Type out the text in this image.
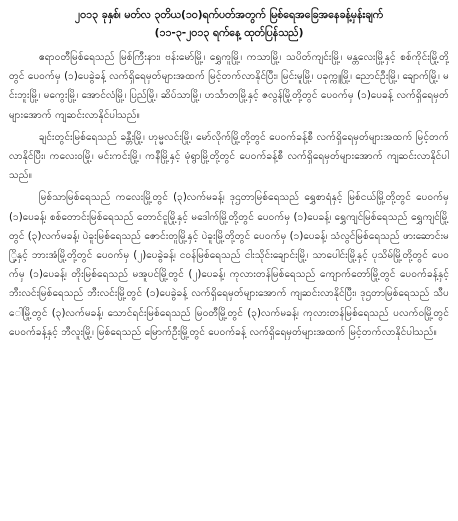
၂၀၁၃ ခုနှစ်၊ မတ်လ ၃တိယ(၁၀)ရက်ပတ်အတွက် မြစ်ရေအခြေအနေခန့်မှန်းချက်

(၁၁-၃-၂၀၁၃ ရက်နေ့ ထုတ်ပြန်သည်)

ဧရာဝတီမြစ်ရေသည် မြစ်ကြီးနား၊ ဗန်းမော်မြို့၊ ရွှေကူမြို့၊ ကသာမြို့၊ သပိတ်ကျင်းမြို့၊ မန္တလေးမြို့နှင့် စစ်ကိုင်းမြို့တို့တွင် ပေ၀က်မှ (၁)ပေခွဲခန့် လက်ရှိရေမှတ်များအထက် မြင့်တက်လာနိုင်ပြီး၊ မြင်းမူမြို့၊ ပခုက္ကူမြို့၊ ညောင်ဦးမြို့၊ ချောက်မြို့၊ မင်းဘူးမြို့၊ မကွေးမြို့၊ အောင်လံမြို့၊ ပြည်မြို့၊ ဆိပ်သာမြို့၊ ဟင်္သာတမြို့နှင့် ဇလွန်မြို့တို့တွင် ပေ၀က်မှ (၁)ပေခန့် လက်ရှိရေမှတ်များအောက် ကျဆင်းလာနိုင်ပါသည်။

ချင်းတွင်းမြစ်ရေသည် ခန္တီးမြို့၊ ဟုမ္မလင်းမြို့၊ မော်လိုက်မြို့တို့တွင် ပေ၀က်ခန့်စီ လက်ရှိရေမှတ်များအထက် မြင့်တက်လာနိုင်ပြီး၊ ကလေးဝမြို့၊ မင်းကင်းမြို့၊ ကနီမြို့နှင့် မုံရွာမြို့တို့တွင် ပေ၀က်ခန့်စီ လက်ရှိရေမှတ်များအောက် ကျဆင်းလာနိုင်ပါသည်။

မြစ်သာမြစ်ရေသည် ကလေးမြို့တွင် (၃)လက်မခန့်၊ ဒုဌတာမြစ်ရေသည် ရွှေစာရံနှင့် မြစ်ငယ်မြို့တို့တွင် ပေ၀က်မှ (၁)ပေခန့်၊ စစ်တောင်းမြစ်ရေသည် တောင်ငူမြို့နှင့် မဒေါက်မြို့တို့တွင် ပေ၀က်မှ (၁)ပေခန့်၊ ရွှေကျင်မြစ်ရေသည် ရွှေကျင်မြို့တွင် (၃)လက်မခန့်၊ ပဲခူးမြစ်ရေသည် ဇောင်းတူမြို့နှင့် ပဲခူးမြို့တို့တွင် ပေ၀က်မှ (၁)ပေခန့်၊ သံလွင်မြစ်ရေသည် ဖားဆောင်းမြို့နှင့် ဘားအံမြို့တို့တွင် ပေ၀က်မှ (၂)ပေခွဲခန့်၊ ငဝန်မြစ်ရေသည် ငါးသိုင်းချောင်းမြို့၊ သာပေါင်းမြို့နှင့် ပုသိမ်မြို့တို့တွင် ပေ၀က်မှ (၁)ပေခန့်၊ တိုးမြစ်ရေသည် မအူပင်မြို့တွင် (၂)ပေခန့်၊ ကုလားတန်မြစ်ရေသည် ကျောက်တော်မြို့တွင် ပေ၀က်ခန့်နှင့် ဘီးလင်းမြစ်ရေသည် ဘီးလင်းမြို့တွင် (၁)ပေခွဲခန့် လက်ရှိရေမှတ်များအောက် ကျဆင်းလာနိုင်ပြီး၊ ဒုဌတာမြစ်ရေသည် သီပေါမြို့တွင် (၃)လက်မခန့်၊ သောင်ရင်းမြစ်ရေသည် မြဝတီမြို့တွင် (၃)လက်မခန့်၊ ကုလားတန်မြစ်ရေသည် ပလက်ဝမြို့တွင် ပေ၀က်ခန့်နှင့် ဘီလူးမြို့၊ မြစ်ရေသည် မြောက်ဦးမြို့တွင် ပေ၀က်ခန့် လက်ရှိရေမှတ်များအထက် မြင့်တက်လာနိုင်ပါသည်။
